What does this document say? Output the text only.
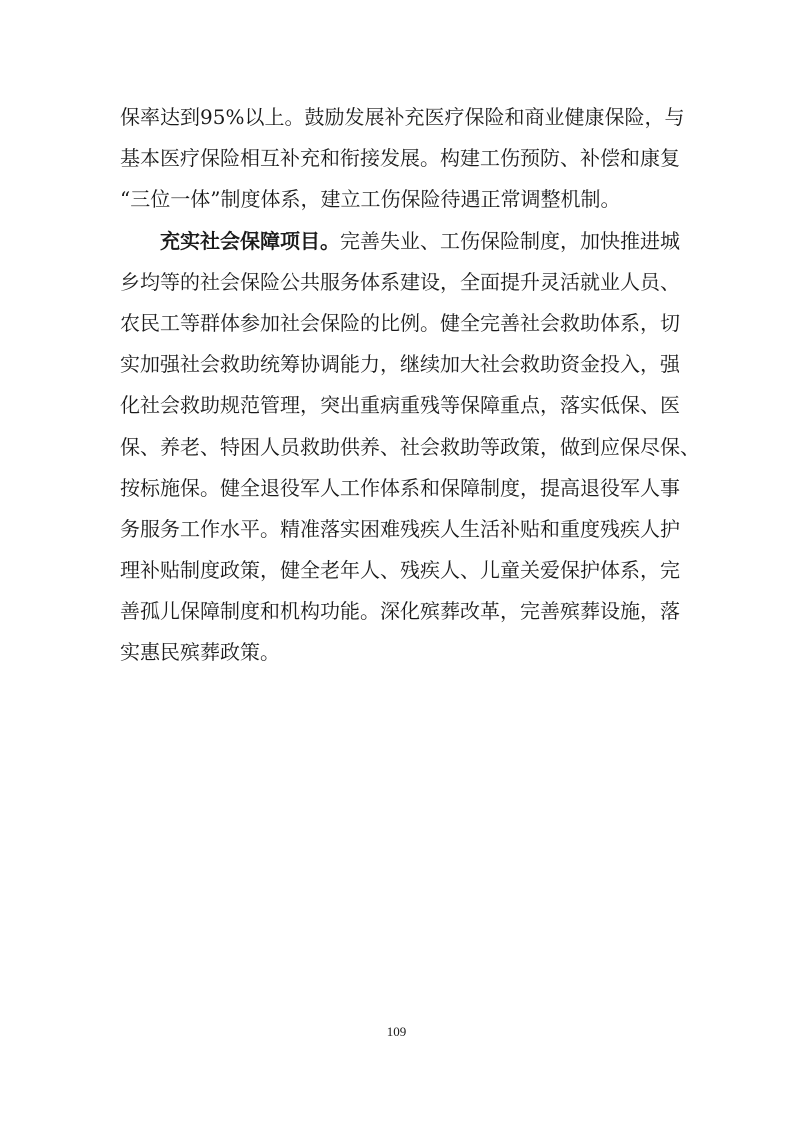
保率达到95%以上。鼓励发展补充医疗保险和商业健康保险，与
基本医疗保险相互补充和衔接发展。构建工伤预防、补偿和康复
“三位一体”制度体系，建立工伤保险待遇正常调整机制。
充实社会保障项目。完善失业、工伤保险制度，加快推进城
乡均等的社会保险公共服务体系建设，全面提升灵活就业人员、
农民工等群体参加社会保险的比例。健全完善社会救助体系，切
实加强社会救助统筹协调能力，继续加大社会救助资金投入，强
化社会救助规范管理，突出重病重残等保障重点，落实低保、医
保、养老、特困人员救助供养、社会救助等政策，做到应保尽保、
按标施保。健全退役军人工作体系和保障制度，提高退役军人事
务服务工作水平。精准落实困难残疾人生活补贴和重度残疾人护
理补贴制度政策，健全老年人、残疾人、儿童关爱保护体系，完
善孤儿保障制度和机构功能。深化殡葬改革，完善殡葬设施，落
实惠民殡葬政策。
109
